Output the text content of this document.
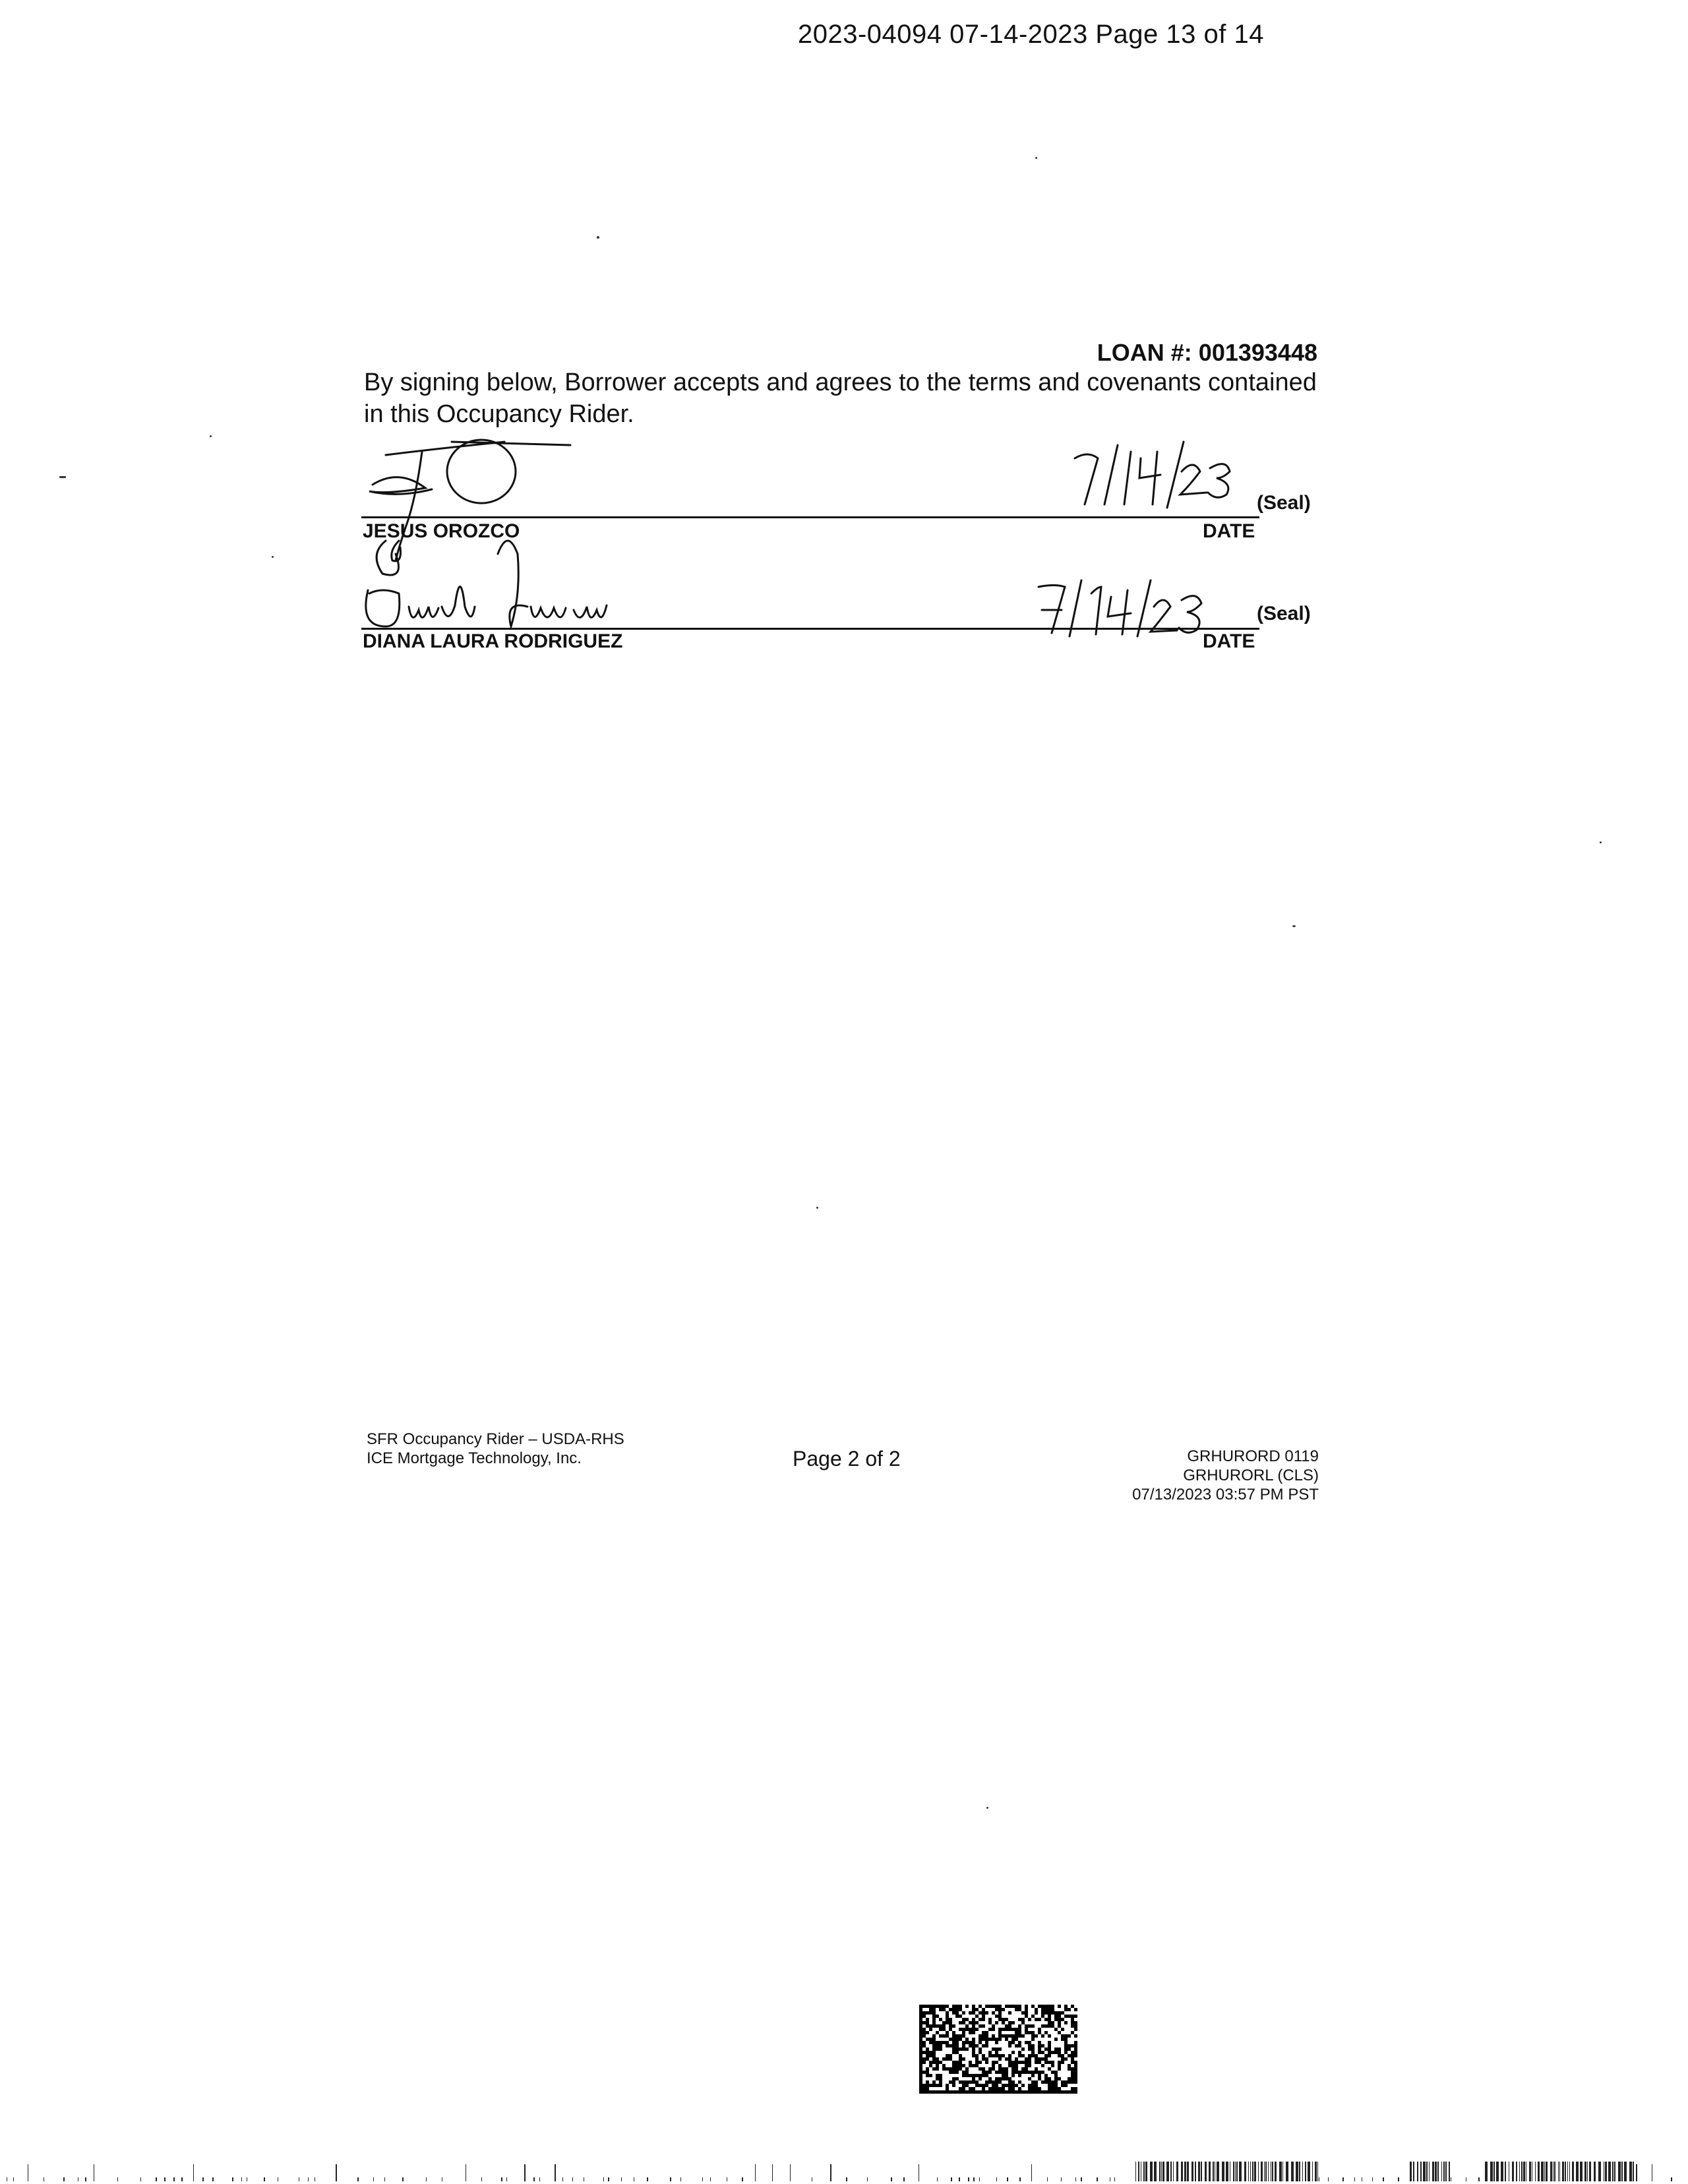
2023-04094 07-14-2023 Page 13 of 14
LOAN #: 001393448
By signing below, Borrower accepts and agrees to the terms and covenants contained in this Occupancy Rider.
(Seal)
JESUS OROZCO	DATE
(Seal)
DIANA LAURA RODRIGUEZ	DATE
SFR Occupancy Rider – USDA-RHS
ICE Mortgage Technology, Inc.	Page 2 of 2	GRHURORD 0119
GRHURORL (CLS)
07/13/2023 03:57 PM PST
